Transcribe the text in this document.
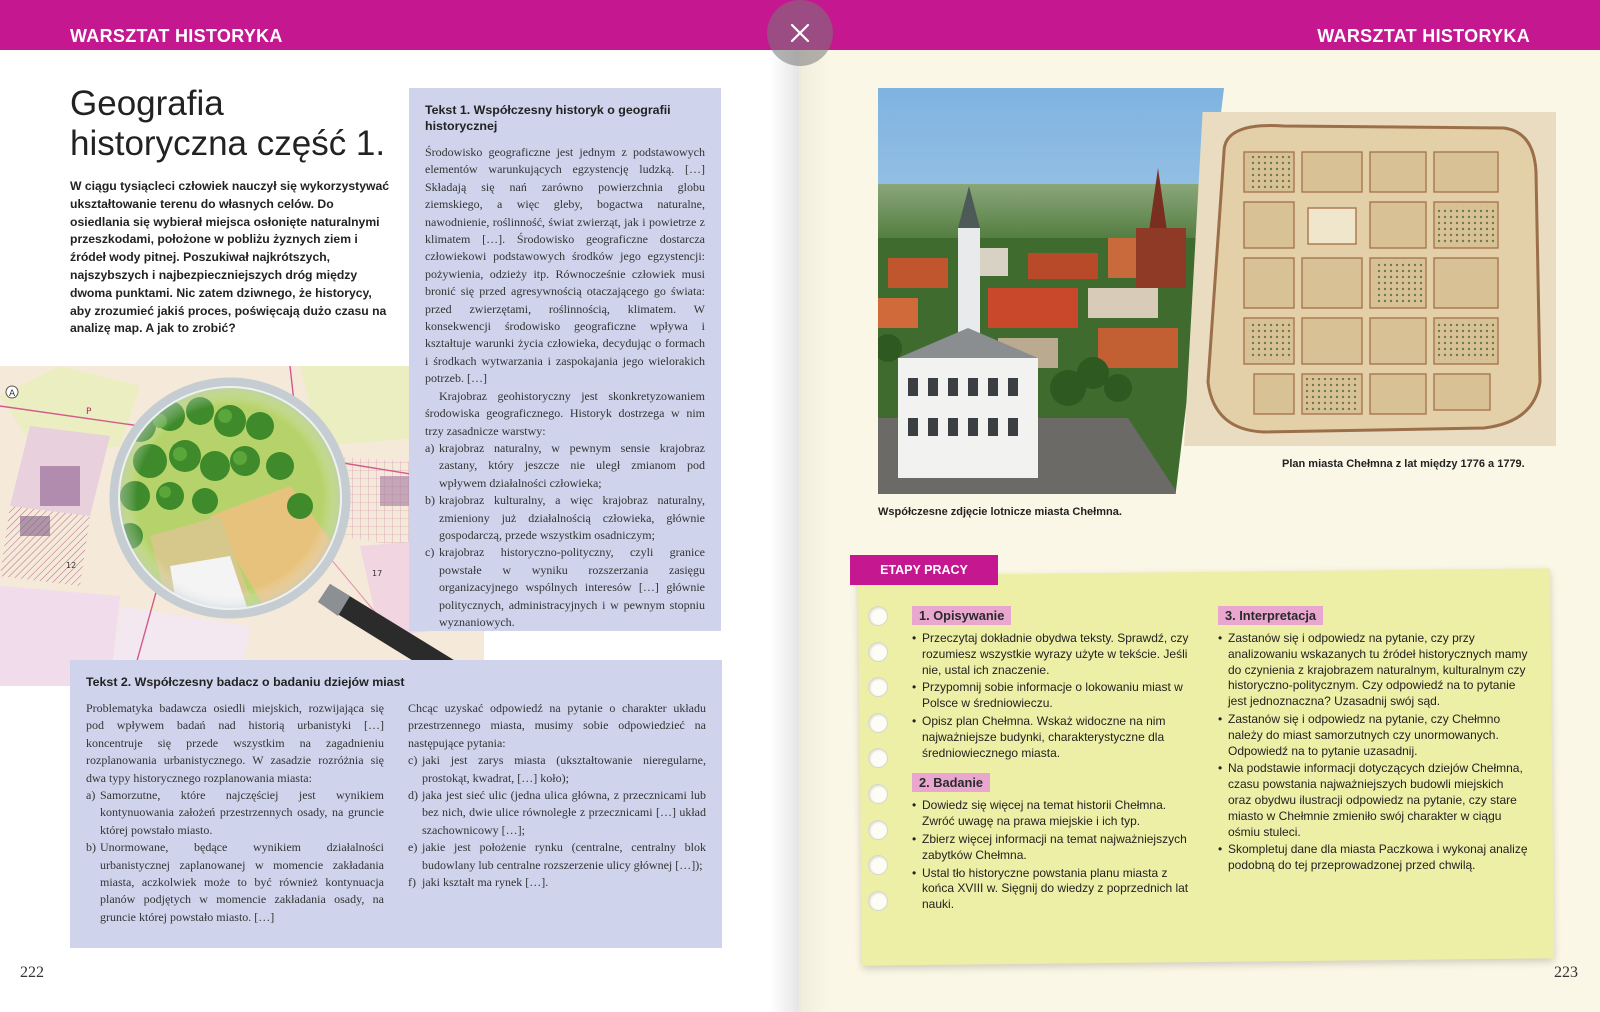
WARSZTAT HISTORYKA
Geografia
historyczna część 1.

W ciągu tysiącleci człowiek nauczył się wykorzystywać ukształtowanie terenu do własnych celów. Do osiedlania się wybierał miejsca osłonięte naturalnymi przeszkodami, położone w pobliżu żyznych ziem i źródeł wody pitnej. Poszukiwał najkrótszych, najszybszych i najbezpieczniejszych dróg między dwoma punktami. Nic zatem dziwnego, że historycy, aby zrozumieć jakiś proces, poświęcają dużo czasu na analizę map. A jak to zrobić?

A
P
12
17
Tekst 1. Współczesny historyk o geografii historycznej

Środowisko geograficzne jest jednym z podstawowych elementów warunkujących egzystencję ludzką. […] Składają się nań zarówno powierzchnia globu ziemskiego, a więc gleby, bogactwa naturalne, nawodnienie, roślinność, świat zwierząt, jak i powietrze z klimatem […]. Środowisko geograficzne dostarcza człowiekowi podstawowych środków jego egzystencji: pożywienia, odzieży itp. Równocześnie człowiek musi bronić się przed agresywnością otaczającego go świata: przed zwierzętami, roślinnością, klimatem. W konsekwencji środowisko geograficzne wpływa i kształtuje warunki życia człowieka, decydując o formach i środkach wytwarzania i zaspokajania jego wielorakich potrzeb. […]

Krajobraz geohistoryczny jest skonkretyzowaniem środowiska geograficznego. Historyk dostrzega w nim trzy zasadnicze warstwy:

a) krajobraz naturalny, w pewnym sensie krajobraz zastany, który jeszcze nie uległ zmianom pod wpływem działalności człowieka;
b) krajobraz kulturalny, a więc krajobraz naturalny, zmieniony już działalnością człowieka, głównie gospodarczą, przede wszystkim osadniczym;
c) krajobraz historyczno-polityczny, czyli granice powstałe w wyniku rozszerzania zasięgu organizacyjnego wspólnych interesów […] głównie politycznych, administracyjnych i w pewnym stopniu wyznaniowych.
Tekst 2. Współczesny badacz o badaniu dziejów miast

Problematyka badawcza osiedli miejskich, rozwijająca się pod wpływem badań nad historią urbanistyki […] koncentruje się przede wszystkim na zagadnieniu rozplanowania urbanistycznego. W zasadzie rozróżnia się dwa typy historycznego rozplanowania miasta:

a) Samorzutne, które najczęściej jest wynikiem kontynuowania założeń przestrzennych osady, na gruncie której powstało miasto.
b) Unormowane, będące wynikiem działalności urbanistycznej zaplanowanej w momencie zakładania miasta, aczkolwiek może to być również kontynuacja planów podjętych w momencie zakładania osady, na gruncie której powstało miasto. […]

Chcąc uzyskać odpowiedź na pytanie o charakter układu przestrzennego miasta, musimy sobie odpowiedzieć na następujące pytania:

c) jaki jest zarys miasta (ukształtowanie nieregularne, prostokąt, kwadrat, […] koło);
d) jaka jest sieć ulic (jedna ulica główna, z przecznicami lub bez nich, dwie ulice równoległe z przecznicami […] układ szachownicowy […];
e) jakie jest położenie rynku (centralne, centralny blok budowlany lub centralne rozszerzenie ulicy głównej […]);
f) jaki kształt ma rynek […].
222
WARSZTAT HISTORYKA
Plan miasta Chełmna z lat między 1776 a 1779.
Współczesne zdjęcie lotnicze miasta Chełmna.
ETAPY PRACY
1. Opisywanie
• Przeczytaj dokładnie obydwa teksty. Sprawdź, czy rozumiesz wszystkie wyrazy użyte w tekście. Jeśli nie, ustal ich znaczenie.
• Przypomnij sobie informacje o lokowaniu miast w Polsce w średniowieczu.
• Opisz plan Chełmna. Wskaż widoczne na nim najważniejsze budynki, charakterystyczne dla średniowiecznego miasta.
2. Badanie
• Dowiedz się więcej na temat historii Chełmna. Zwróć uwagę na prawa miejskie i ich typ.
• Zbierz więcej informacji na temat najważniejszych zabytków Chełmna.
• Ustal tło historyczne powstania planu miasta z końca XVIII w. Sięgnij do wiedzy z poprzednich lat nauki.
3. Interpretacja
• Zastanów się i odpowiedz na pytanie, czy przy analizowaniu wskazanych tu źródeł historycznych mamy do czynienia z krajobrazem naturalnym, kulturalnym czy historyczno-politycznym. Czy odpowiedź na to pytanie jest jednoznaczna? Uzasadnij swój sąd.
• Zastanów się i odpowiedz na pytanie, czy Chełmno należy do miast samorzutnych czy unormowanych. Odpowiedź na to pytanie uzasadnij.
• Na podstawie informacji dotyczących dziejów Chełmna, czasu powstania najważniejszych budowli miejskich oraz obydwu ilustracji odpowiedz na pytanie, czy stare miasto w Chełmnie zmieniło swój charakter w ciągu ośmiu stuleci.
• Skompletuj dane dla miasta Paczkowa i wykonaj analizę podobną do tej przeprowadzonej przed chwilą.
223
